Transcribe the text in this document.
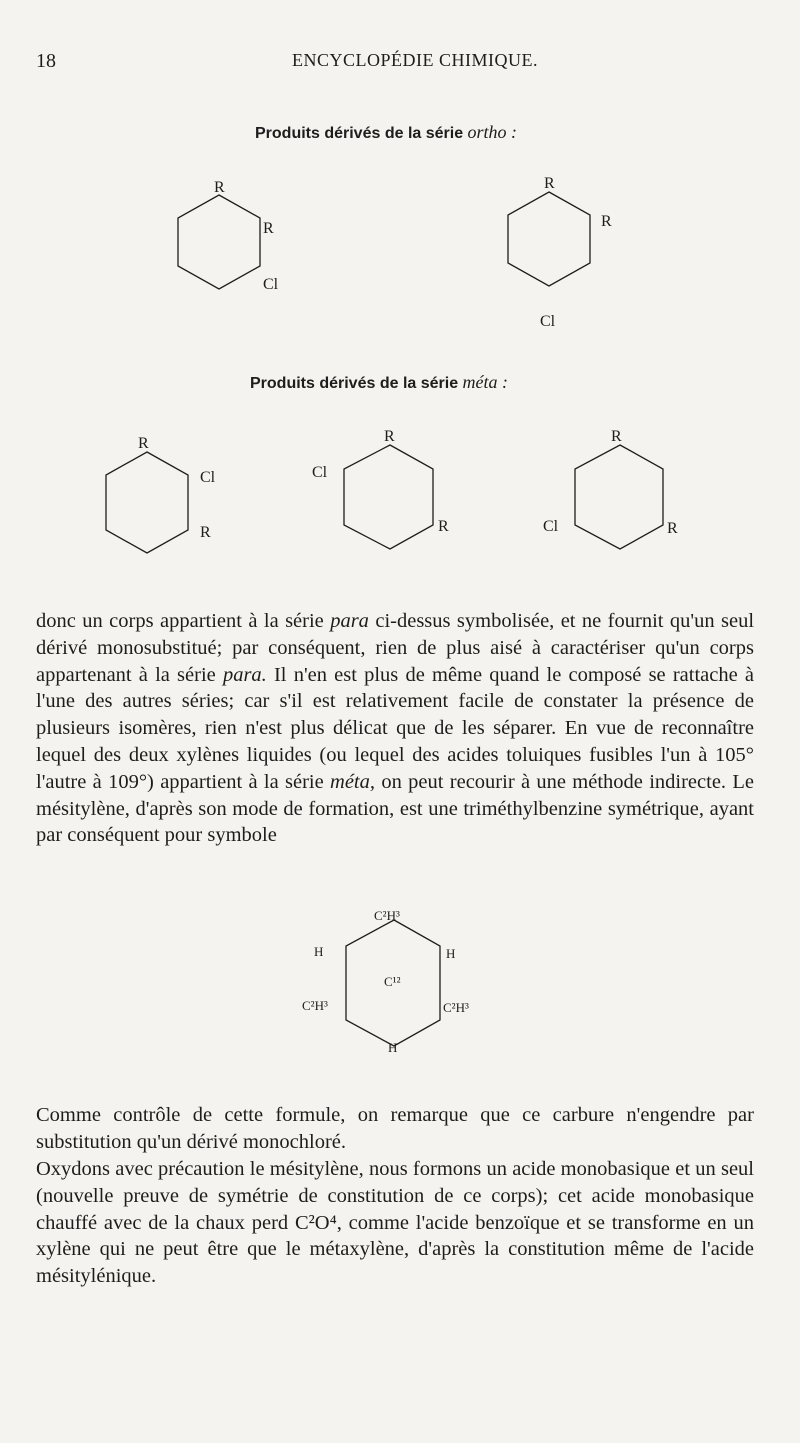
18	ENCYCLOPÉDIE CHIMIQUE.
Produits dérivés de la série ortho :
R
R
Cl
R
R
Cl
Produits dérivés de la série méta :
R
Cl
R
R
Cl
R
R
Cl	R

donc un corps appartient à la série para ci-dessus symbolisée, et ne fournit qu'un seul dérivé monosubstitué; par conséquent, rien de plus aisé à caractériser qu'un corps appartenant à la série para. Il n'en est plus de même quand le composé se rattache à l'une des autres séries; car s'il est relativement facile de constater la présence de plusieurs isomères, rien n'est plus délicat que de les séparer. En vue de reconnaître lequel des deux xylènes liquides (ou lequel des acides toluiques fusibles l'un à 105° l'autre à 109°) appartient à la série méta, on peut recourir à une méthode indirecte. Le mésitylène, d'après son mode de formation, est une triméthylbenzine symétrique, ayant par conséquent pour symbole

C²H³
H	H
C¹²
C²H³	C²H³
H

Comme contrôle de cette formule, on remarque que ce carbure n'engendre par substitution qu'un dérivé monochloré.

Oxydons avec précaution le mésitylène, nous formons un acide monobasique et un seul (nouvelle preuve de symétrie de constitution de ce corps); cet acide monobasique chauffé avec de la chaux perd C²O⁴, comme l'acide benzoïque et se transforme en un xylène qui ne peut être que le métaxylène, d'après la constitution même de l'acide mésitylénique.
